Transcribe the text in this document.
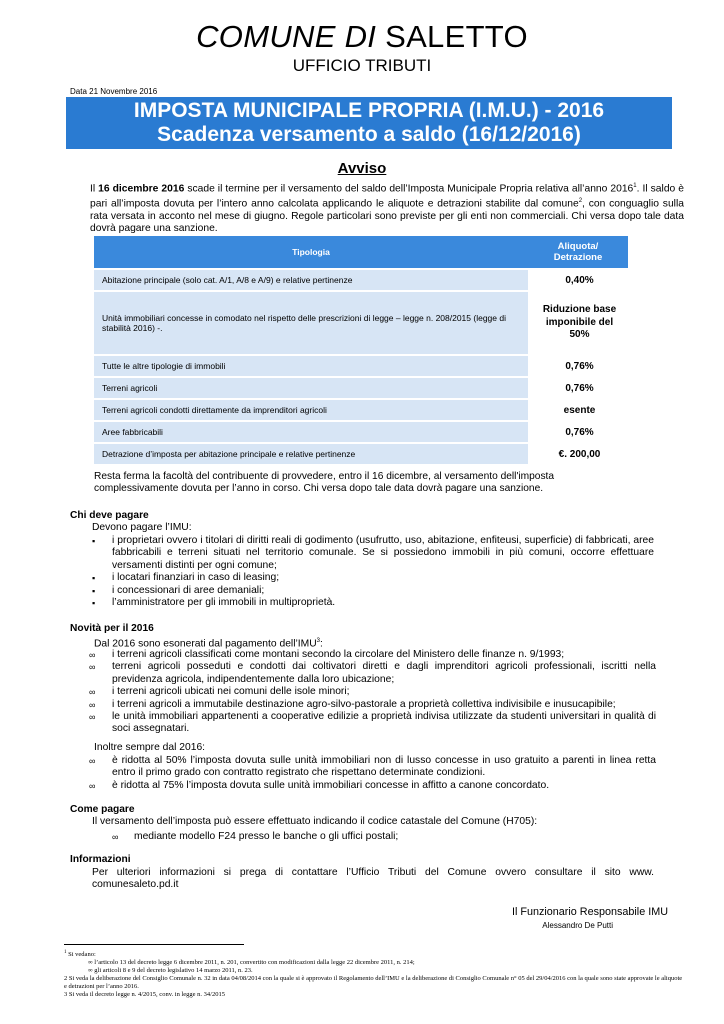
COMUNE DI SALETTO
UFFICIO TRIBUTI
Data 21 Novembre 2016
IMPOSTA MUNICIPALE PROPRIA (I.M.U.) - 2016
Scadenza versamento a saldo (16/12/2016)
Avviso
Il 16 dicembre 2016 scade il termine per il versamento del saldo dell’Imposta Municipale Propria relativa all’anno 2016$^1$. Il saldo è pari all’imposta dovuta per l’intero anno calcolata applicando le aliquote e detrazioni stabilite dal comune$^2$, con conguaglio sulla rata versata in acconto nel mese di giugno. Regole particolari sono previste per gli enti non commerciali. Chi versa dopo tale data dovrà pagare una sanzione.
Tipologia	Aliquota/ Detrazione
Abitazione principale (solo cat. A/1, A/8 e A/9) e relative pertinenze	0,40%
Unità immobiliari concesse in comodato nel rispetto delle prescrizioni di legge – legge n. 208/2015 (legge di stabilità 2016) -.	Riduzione base imponibile del 50%
Tutte le altre tipologie di immobili	0,76%
Terreni agricoli	0,76%
Terreni agricoli condotti direttamente da imprenditori agricoli	esente
Aree fabbricabili	0,76%
Detrazione d’imposta per abitazione principale e relative pertinenze	€. 200,00
Resta ferma la facoltà del contribuente di provvedere, entro il 16 dicembre, al versamento dell'imposta complessivamente dovuta per l’anno in corso. Chi versa dopo tale data dovrà pagare una sanzione.
Chi deve pagare
Devono pagare l’IMU:
▪ i proprietari ovvero i titolari di diritti reali di godimento (usufrutto, uso, abitazione, enfiteusi, superficie) di fabbricati, aree fabbricabili e terreni situati nel territorio comunale. Se si possiedono immobili in più comuni, occorre effettuare versamenti distinti per ogni comune;
▪ i locatari finanziari in caso di leasing;
▪ i concessionari di aree demaniali;
▪ l’amministratore per gli immobili in multiproprietà.
Novità per il 2016
Dal 2016 sono esonerati dal pagamento dell’IMU$^3$:
∞ i terreni agricoli classificati come montani secondo la circolare del Ministero delle finanze n. 9/1993;
∞ terreni agricoli posseduti e condotti dai coltivatori diretti e dagli imprenditori agricoli professionali, iscritti nella previdenza agricola, indipendentemente dalla loro ubicazione;
∞ i terreni agricoli ubicati nei comuni delle isole minori;
∞ i terreni agricoli a immutabile destinazione agro-silvo-pastorale a proprietà collettiva indivisibile e inusucapibile;
∞ le unità immobiliari appartenenti a cooperative edilizie a proprietà indivisa utilizzate da studenti universitari in qualità di soci assegnatari.
Inoltre sempre dal 2016:
∞ è ridotta al 50% l’imposta dovuta sulle unità immobiliari non di lusso concesse in uso gratuito a parenti in linea retta entro il primo grado con contratto registrato che rispettano determinate condizioni.
∞ è ridotta al 75% l’imposta dovuta sulle unità immobiliari concesse in affitto a canone concordato.
Come pagare
Il versamento dell’imposta può essere effettuato indicando il codice catastale del Comune (H705):
∞ mediante modello F24 presso le banche o gli uffici postali;
Informazioni
Per ulteriori informazioni si prega di contattare l’Ufficio Tributi del Comune ovvero consultare il sito www. comunesaleto.pd.it
Il Funzionario Responsabile IMU
Alessandro De Putti
$^1$ Si vedano:
∞ l’articolo 13 del decreto legge 6 dicembre 2011, n. 201, convertito con modificazioni dalla legge 22 dicembre 2011, n. 214;
∞ gli articoli 8 e 9 del decreto legislativo 14 marzo 2011, n. 23.
2 Si veda la deliberazione del Consiglio Comunale n. 32 in data 04/08/2014 con la quale si è approvato il Regolamento dell’IMU e la deliberazione di Consiglio Comunale n° 05 del 29/04/2016 con la quale sono state approvate le aliquote e detrazioni per l’anno 2016.
3 Si veda il decreto legge n. 4/2015, conv. in legge n. 34/2015
